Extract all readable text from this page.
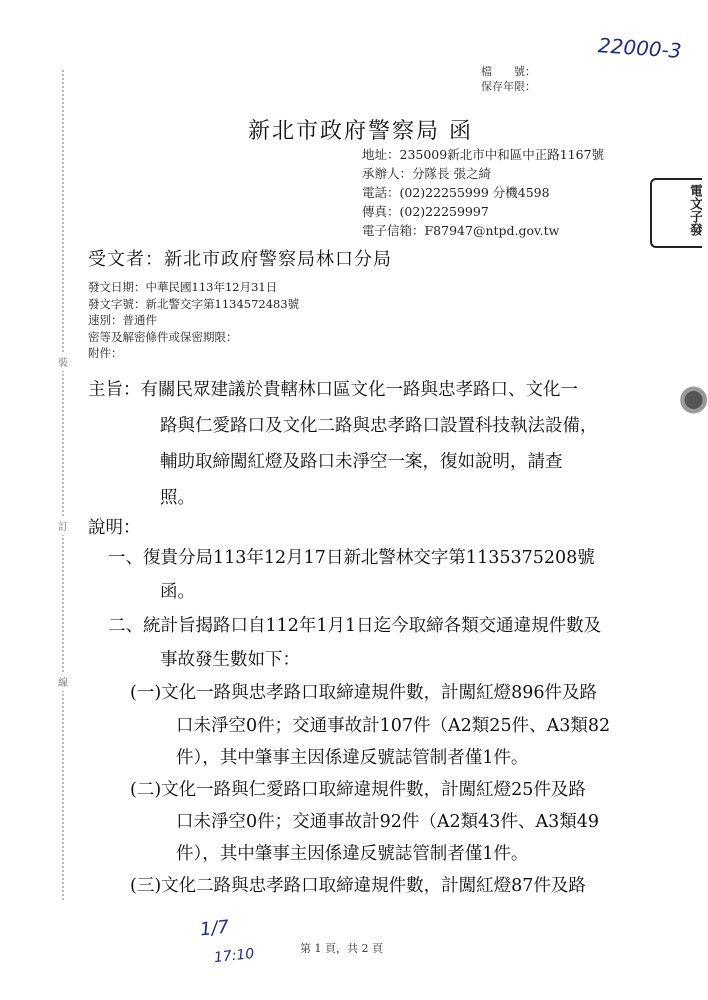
裝
訂
線
22000-3
檔　　號：
保存年限：
新北市政府警察局 函
地址：235009新北市中和區中正路1167號
承辦人：分隊長 張之綺
電話：(02)22255999 分機4598
傳真：(02)22259997
電子信箱：F87947@ntpd.gov.tw	電文子發
受文者：新北市政府警察局林口分局
發文日期：中華民國113年12月31日
發文字號：新北警交字第1134572483號
速別：普通件
密等及解密條件或保密期限：
附件：
主旨：有關民眾建議於貴轄林口區文化一路與忠孝路口、文化一
路與仁愛路口及文化二路與忠孝路口設置科技執法設備，
輔助取締闖紅燈及路口未淨空一案，復如說明，請查
照。
說明：
一、復貴分局113年12月17日新北警林交字第1135375208號
函。
二、統計旨揭路口自112年1月1日迄今取締各類交通違規件數及
事故發生數如下：
(一)文化一路與忠孝路口取締違規件數，計闖紅燈896件及路
口未淨空0件；交通事故計107件（A2類25件、A3類82
件），其中肇事主因係違反號誌管制者僅1件。
(二)文化一路與仁愛路口取締違規件數，計闖紅燈25件及路
口未淨空0件；交通事故計92件（A2類43件、A3類49
件），其中肇事主因係違反號誌管制者僅1件。
(三)文化二路與忠孝路口取締違規件數，計闖紅燈87件及路
1/7
17:10	第 1 頁，共 2 頁
